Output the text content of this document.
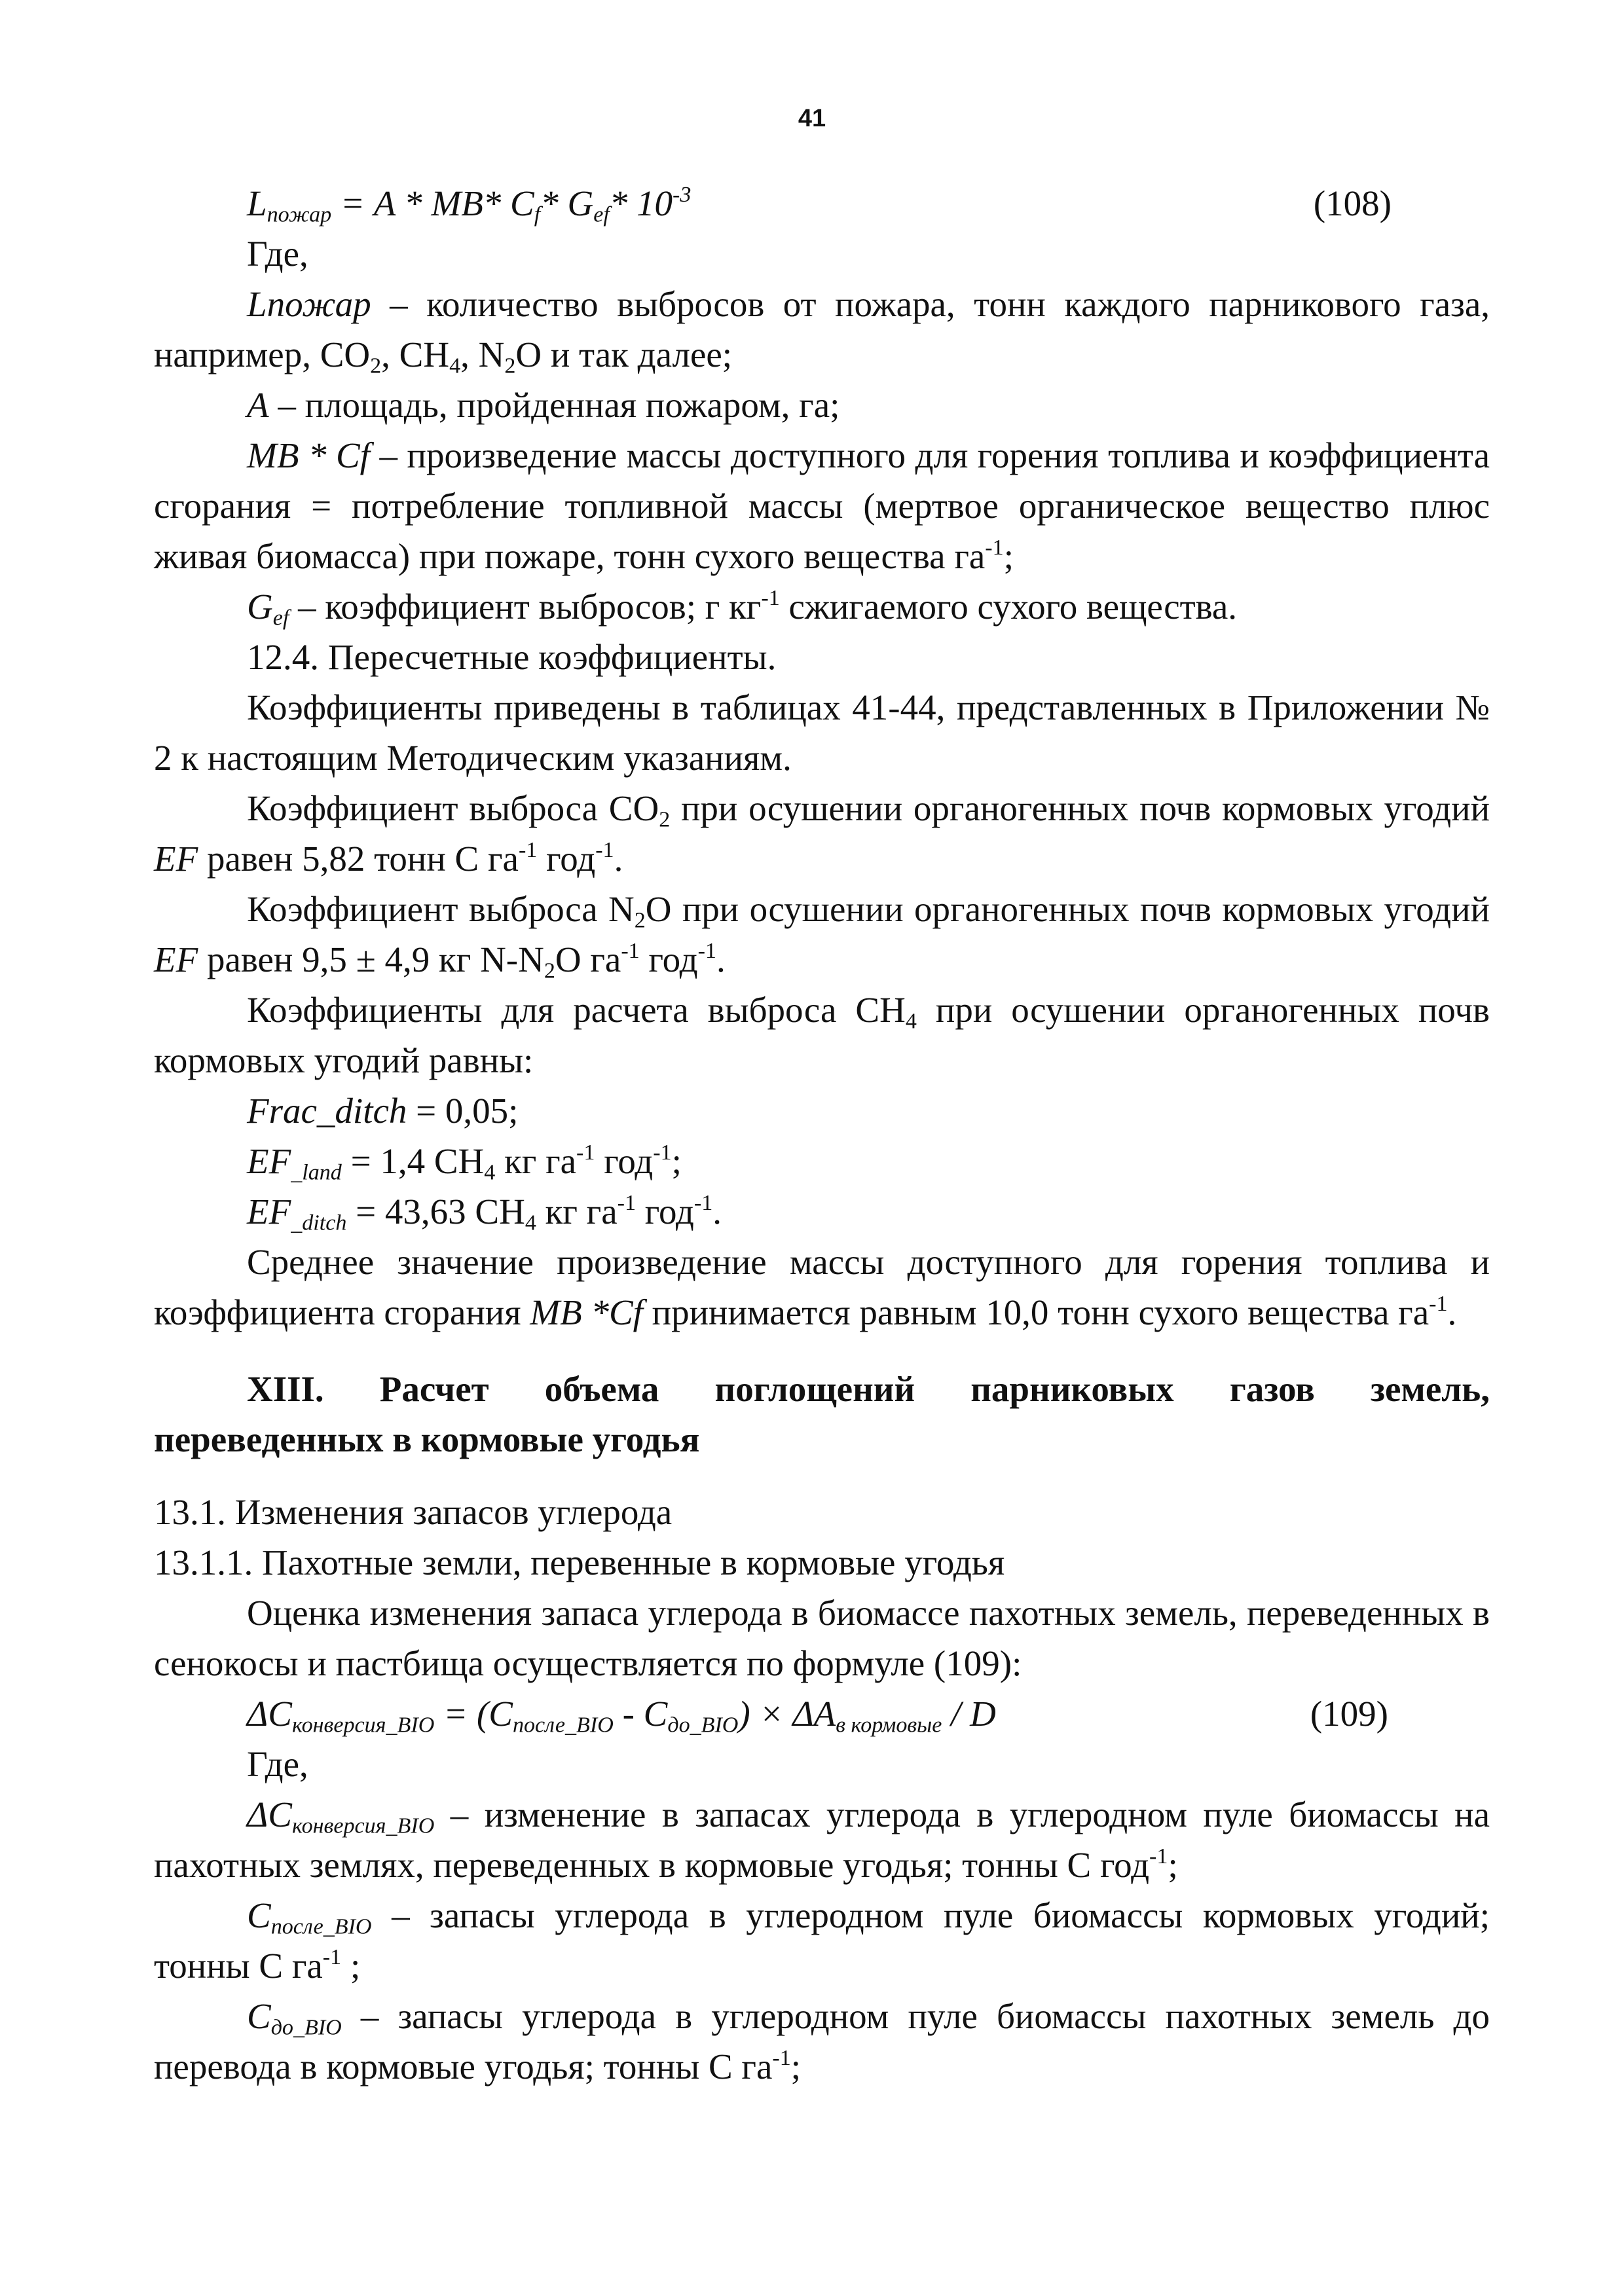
41

$L_{пожар} = A * MB*$ $C_f*$ $G_{ef}*$ $10^{-3}$	(108)

Где,

Lпожар – количество выбросов от пожара, тонн каждого парникового газа, например, $CO_2$, $CH_4$, $N_2O$ и так далее;

A – площадь, пройденная пожаром, га;

MB * Cf – произведение массы доступного для горения топлива и коэффициента сгорания = потребление топливной массы (мертвое органическое вещество плюс живая биомасса) при пожаре, тонн сухого вещества $га^{-1}$;

$G_{ef}$ – коэффициент выбросов; г $кг^{-1}$ сжигаемого сухого вещества.

12.4. Пересчетные коэффициенты.

Коэффициенты приведены в таблицах 41-44, представленных в Приложении № 2 к настоящим Методическим указаниям.

Коэффициент выброса $CO_2$ при осушении органогенных почв кормовых угодий EF равен 5,82 тонн С $га^{-1}$ год$^{-1}$.

Коэффициент выброса $N_2O$ при осушении органогенных почв кормовых угодий EF равен 9,5 ± 4,9 кг $N-N_2O$ $га^{-1}$ год$^{-1}$.

Коэффициенты для расчета выброса $CH_4$ при осушении органогенных почв кормовых угодий равны:

Frac_ditch = 0,05;

$EF_{\_land} = 1,4$ $CH_4$ кг $га^{-1}$ год$^{-1}$;

$EF_{\_ditch} = 43,63$ $CH_4$ кг $га^{-1}$ год$^{-1}$.

Среднее значение произведение массы доступного для горения топлива и коэффициента сгорания MB *Cf принимается равным 10,0 тонн сухого вещества $га^{-1}$.

XIII. Расчет объема поглощений парниковых газов земель,

переведенных в кормовые угодья

13.1. Изменения запасов углерода

13.1.1. Пахотные земли, перевенные в кормовые угодья

Оценка изменения запаса углерода в биомассе пахотных земель, переведенных в сенокосы и пастбища осуществляется по формуле (109):

$\Delta C_{конверсия\_BIO} = (C_{после\_BIO} - C_{до\_BIO}) \times \Delta A_{в кормовые} / D$	(109)

Где,

$\Delta C_{конверсия\_BIO}$ – изменение в запасах углерода в углеродном пуле биомассы на пахотных землях, переведенных в кормовые угодья; тонны С год$^{-1}$;

$C_{после\_BIO}$ – запасы углерода в углеродном пуле биомассы кормовых угодий; тонны С $га^{-1}$ ;

$C_{до\_BIO}$ – запасы углерода в углеродном пуле биомассы пахотных земель до перевода в кормовые угодья; тонны С $га^{-1}$;
